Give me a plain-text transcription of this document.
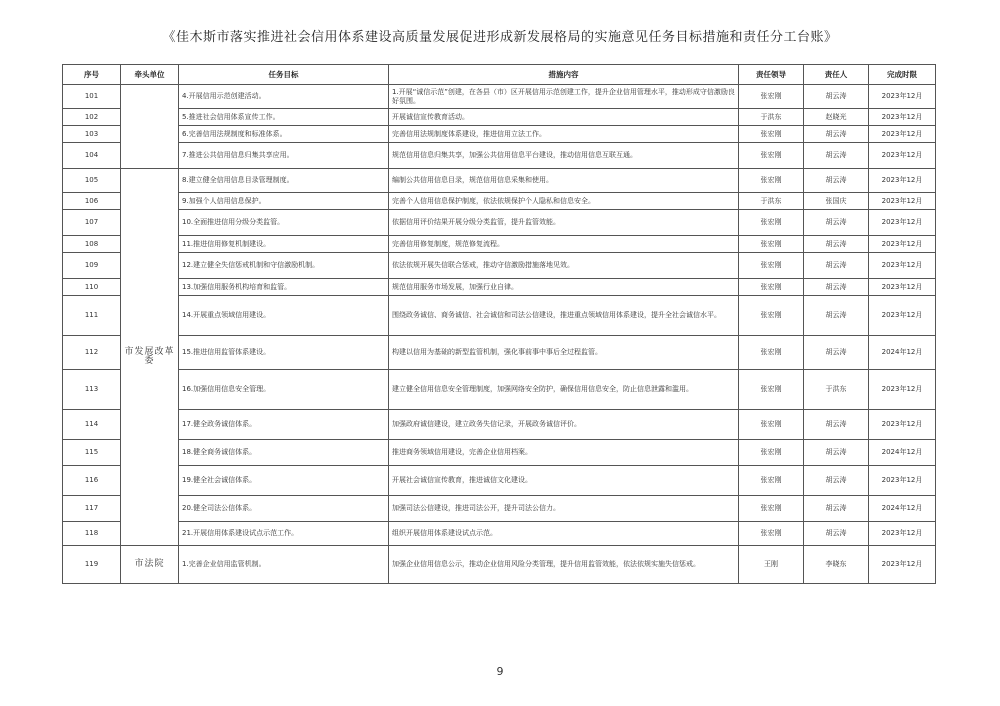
《佳木斯市落实推进社会信用体系建设高质量发展促进形成新发展格局的实施意见任务目标措施和责任分工台账》
序号	牵头单位	任务目标	措施内容	责任领导	责任人	完成时限
101		4.开展信用示范创建活动。	1.开展“诚信示范”创建，在各县（市）区开展信用示范创建工作，提升企业信用管理水平，推动形成守信激励良好氛围。	张宏刚	胡云涛	2023年12月
102		5.推进社会信用体系宣传工作。	开展诚信宣传教育活动。	于洪东	赵晓光	2023年12月
103		6.完善信用法规制度和标准体系。	完善信用法规制度体系建设，推进信用立法工作。	张宏刚	胡云涛	2023年12月
104		7.推进公共信用信息归集共享应用。	规范信用信息归集共享，加强公共信用信息平台建设，推动信用信息互联互通。	张宏刚	胡云涛	2023年12月
105	市发展改革委	8.建立健全信用信息目录管理制度。	编制公共信用信息目录，规范信用信息采集和使用。	张宏刚	胡云涛	2023年12月
106		9.加强个人信用信息保护。	完善个人信用信息保护制度，依法依规保护个人隐私和信息安全。	于洪东	张国庆	2023年12月
107		10.全面推进信用分级分类监管。	依据信用评价结果开展分级分类监管，提升监管效能。	张宏刚	胡云涛	2023年12月
108		11.推进信用修复机制建设。	完善信用修复制度，规范修复流程。	张宏刚	胡云涛	2023年12月
109		12.建立健全失信惩戒机制和守信激励机制。	依法依规开展失信联合惩戒，推动守信激励措施落地见效。	张宏刚	胡云涛	2023年12月
110		13.加强信用服务机构培育和监管。	规范信用服务市场发展，加强行业自律。	张宏刚	胡云涛	2023年12月
111		14.开展重点领域信用建设。	围绕政务诚信、商务诚信、社会诚信和司法公信建设，推进重点领域信用体系建设，提升全社会诚信水平。	张宏刚	胡云涛	2023年12月
112		15.推进信用监管体系建设。	构建以信用为基础的新型监管机制，强化事前事中事后全过程监管。	张宏刚	胡云涛	2024年12月
113		16.加强信用信息安全管理。	建立健全信用信息安全管理制度，加强网络安全防护，确保信用信息安全，防止信息泄露和滥用。	张宏刚	于洪东	2023年12月
114		17.健全政务诚信体系。	加强政府诚信建设，建立政务失信记录，开展政务诚信评价。	张宏刚	胡云涛	2023年12月
115		18.健全商务诚信体系。	推进商务领域信用建设，完善企业信用档案。	张宏刚	胡云涛	2024年12月
116		19.健全社会诚信体系。	开展社会诚信宣传教育，推进诚信文化建设。	张宏刚	胡云涛	2023年12月
117		20.健全司法公信体系。	加强司法公信建设，推进司法公开，提升司法公信力。	张宏刚	胡云涛	2024年12月
118		21.开展信用体系建设试点示范工作。	组织开展信用体系建设试点示范。	张宏刚	胡云涛	2023年12月
119	市法院	1.完善企业信用监管机制。	加强企业信用信息公示，推动企业信用风险分类管理，提升信用监管效能，依法依规实施失信惩戒。	王刚	李晓东	2023年12月
9
